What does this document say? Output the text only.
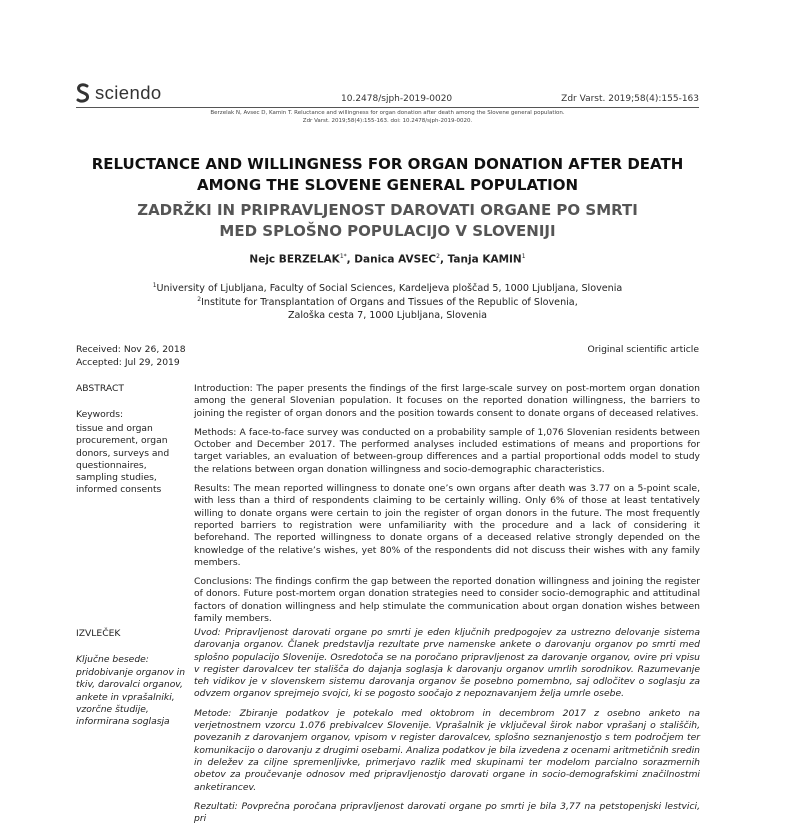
sciendo	10.2478/sjph-2019-0020	Zdr Varst. 2019;58(4):155-163
Berzelak N, Avsec D, Kamin T. Reluctance and willingness for organ donation after death among the Slovene general population.
Zdr Varst. 2019;58(4):155-163. doi: 10.2478/sjph-2019-0020.
RELUCTANCE AND WILLINGNESS FOR ORGAN DONATION AFTER DEATH
AMONG THE SLOVENE GENERAL POPULATION
ZADRŽKI IN PRIPRAVLJENOST DAROVATI ORGANE PO SMRTI
MED SPLOŠNO POPULACIJO V SLOVENIJI
Nejc $BERZELAK^{1*}$, Danica AVSEC$^2$, Tanja KAMIN$^1$
$^1$University of Ljubljana, Faculty of Social Sciences, Kardeljeva ploščad 5, 1000 Ljubljana, Slovenia
$^2$Institute for Transplantation of Organs and Tissues of the Republic of Slovenia,
Zaloška cesta 7, 1000 Ljubljana, Slovenia
Received: Nov 26, 2018
Accepted: Jul 29, 2019
Original scientific article
ABSTRACT
Keywords:
tissue and organ procurement, organ donors, surveys and questionnaires, sampling studies, informed consents
IZVLEČEK
Ključne besede:
pridobivanje organov in tkiv, darovalci organov, ankete in vprašalniki, vzorčne študije, informirana soglasja

Introduction: The paper presents the findings of the first large-scale survey on post-mortem organ donation among the general Slovenian population. It focuses on the reported donation willingness, the barriers to joining the register of organ donors and the position towards consent to donate organs of deceased relatives.

Methods: A face-to-face survey was conducted on a probability sample of 1,076 Slovenian residents between October and December 2017. The performed analyses included estimations of means and proportions for target variables, an evaluation of between-group differences and a partial proportional odds model to study the relations between organ donation willingness and socio-demographic characteristics.

Results: The mean reported willingness to donate one’s own organs after death was 3.77 on a 5-point scale, with less than a third of respondents claiming to be certainly willing. Only 6% of those at least tentatively willing to donate organs were certain to join the register of organ donors in the future. The most frequently reported barriers to registration were unfamiliarity with the procedure and a lack of considering it beforehand. The reported willingness to donate organs of a deceased relative strongly depended on the knowledge of the relative’s wishes, yet 80% of the respondents did not discuss their wishes with any family members.

Conclusions: The findings confirm the gap between the reported donation willingness and joining the register of donors. Future post-mortem organ donation strategies need to consider socio-demographic and attitudinal factors of donation willingness and help stimulate the communication about organ donation wishes between family members.

Uvod: Pripravljenost darovati organe po smrti je eden ključnih predpogojev za ustrezno delovanje sistema darovanja organov. Članek predstavlja rezultate prve namenske ankete o darovanju organov po smrti med splošno populacijo Slovenije. Osredotoča se na poročano pripravljenost za darovanje organov, ovire pri vpisu v register darovalcev ter stališča do dajanja soglasja k darovanju organov umrlih sorodnikov. Razumevanje teh vidikov je v slovenskem sistemu darovanja organov še posebno pomembno, saj odločitev o soglasju za odvzem organov sprejmejo svojci, ki se pogosto soočajo z nepoznavanjem želja umrle osebe.

Metode: Zbiranje podatkov je potekalo med oktobrom in decembrom 2017 z osebno anketo na verjetnostnem vzorcu 1.076 prebivalcev Slovenije. Vprašalnik je vključeval širok nabor vprašanj o stališčih, povezanih z darovanjem organov, vpisom v register darovalcev, splošno seznanjenostjo s tem področjem ter komunikacijo o darovanju z drugimi osebami. Analiza podatkov je bila izvedena z ocenami aritmetičnih sredin in deležev za ciljne spremenljivke, primerjavo razlik med skupinami ter modelom parcialno sorazmernih obetov za proučevanje odnosov med pripravljenostjo darovati organe in socio-demografskimi značilnostmi anketirancev.

Rezultati: Povprečna poročana pripravljenost darovati organe po smrti je bila 3,77 na petstopenjski lestvici, pri
